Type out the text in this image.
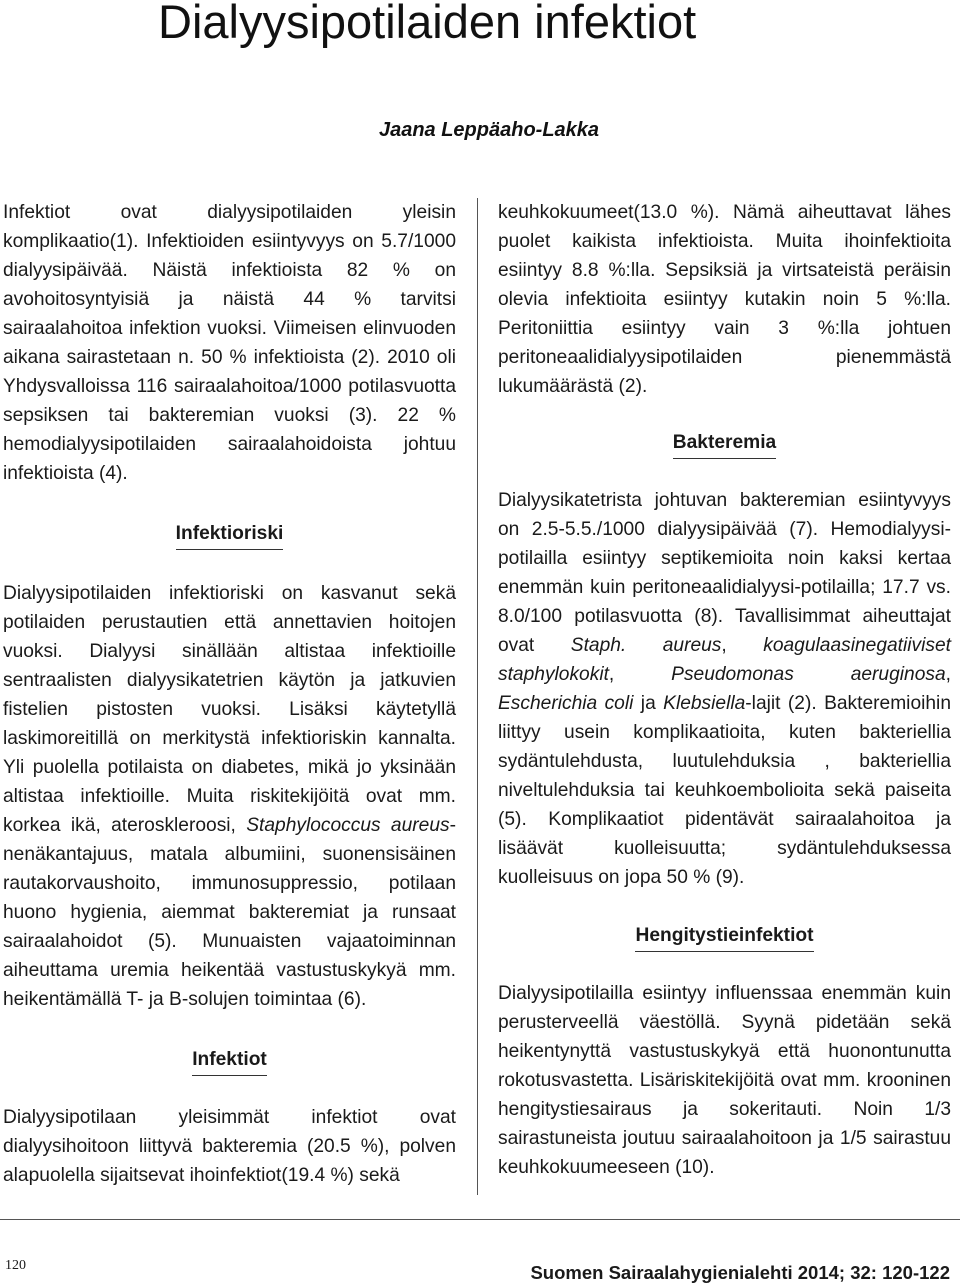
Dialyysipotilaiden infektiot
Jaana Leppäaho-Lakka

Infektiot ovat dialyysipotilaiden yleisin komplikaatio(1). Infektioiden esiintyvyys on 5.7/1000 dialyysipäivää. Näistä infektioista 82 % on avohoitosyntyisiä ja näistä 44 % tarvitsi sairaalahoitoa infektion vuoksi. Viimeisen elinvuoden aikana sairastetaan n. 50 % infektioista (2). 2010 oli Yhdysvalloissa 116 sairaalahoitoa/1000 potilasvuotta sepsiksen tai bakteremian vuoksi (3). 22 % hemodialyysipotilaiden sairaalahoidoista johtuu infektioista (4).

Infektioriski

Dialyysipotilaiden infektioriski on kasvanut sekä potilaiden perustautien että annettavien hoitojen vuoksi. Dialyysi sinällään altistaa infektioille sentraalisten dialyysikatetrien käytön ja jatkuvien fistelien pistosten vuoksi. Lisäksi käytetyllä laskimoreitillä on merkitystä infektioriskin kannalta. Yli puolella potilaista on diabetes, mikä jo yksinään altistaa infektioille. Muita riskitekijöitä ovat mm. korkea ikä, ateroskleroosi, Staphylococcus aureus-nenäkantajuus, matala albumiini, suonensisäinen rautakorvaushoito, immunosuppressio, potilaan huono hygienia, aiemmat bakteremiat ja runsaat sairaalahoidot (5). Munuaisten vajaatoiminnan aiheuttama uremia heikentää vastustuskykyä mm. heikentämällä T- ja B-solujen toimintaa (6).

Infektiot

Dialyysipotilaan yleisimmät infektiot ovat dialyysihoitoon liittyvä bakteremia (20.5 %), polven alapuolella sijaitsevat ihoinfektiot(19.4 %) sekä

keuhkokuumeet(13.0 %). Nämä aiheuttavat lähes puolet kaikista infektioista. Muita ihoinfektioita esiintyy 8.8 %:lla. Sepsiksiä ja virtsateistä peräisin olevia infektioita esiintyy kutakin noin 5 %:lla. Peritoniittia esiintyy vain 3 %:lla johtuen peritoneaalidialyysipotilaiden pienemmästä lukumäärästä (2).

Bakteremia

Dialyysikatetrista johtuvan bakteremian esiintyvyys on 2.5-5.5./1000 dialyysipäivää (7). Hemodialyysi-potilailla esiintyy septikemioita noin kaksi kertaa enemmän kuin peritoneaalidialyysi-potilailla; 17.7 vs. 8.0/100 potilasvuotta (8). Tavallisimmat aiheuttajat ovat Staph. aureus, koagulaasinegatiiviset staphylokokit, Pseudomonas aeruginosa, Escherichia coli ja Klebsiella-lajit (2). Bakteremioihin liittyy usein komplikaatioita, kuten bakteriellia sydäntulehdusta, luutulehduksia , bakteriellia niveltulehduksia tai keuhkoembolioita sekä paiseita (5). Komplikaatiot pidentävät sairaalahoitoa ja lisäävät kuolleisuutta; sydäntulehduksessa kuolleisuus on jopa 50 % (9).

Hengitystieinfektiot

Dialyysipotilailla esiintyy influenssaa enemmän kuin perusterveellä väestöllä. Syynä pidetään sekä heikentynyttä vastustuskykyä että huonontunutta rokotusvastetta. Lisäriskitekijöitä ovat mm. krooninen hengitystiesairaus ja sokeritauti. Noin 1/3 sairastuneista joutuu sairaalahoitoon ja 1/5 sairastuu keuhkokuumeeseen (10).

120	Suomen Sairaalahygienialehti 2014; 32: 120-122
